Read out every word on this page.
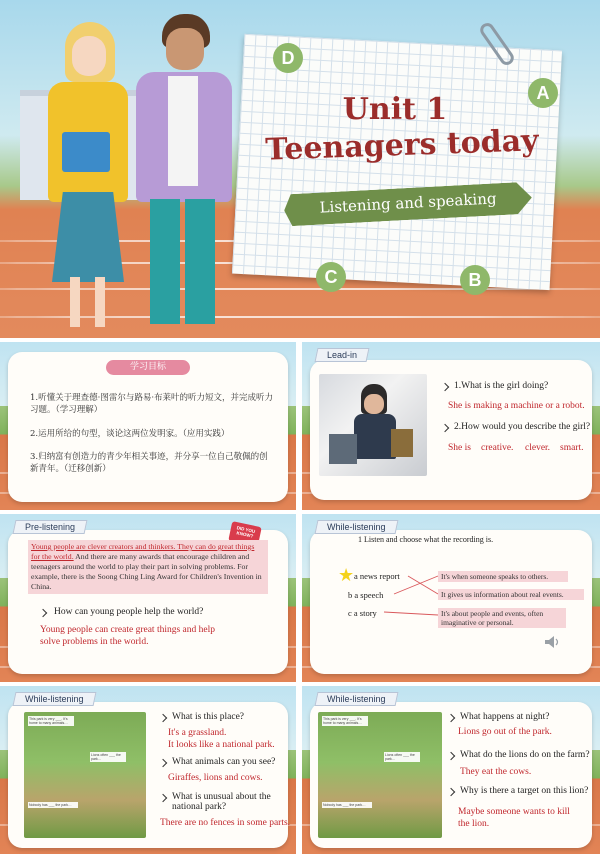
D
A
C	B
Unit 1
Teenagers today
Listening and speaking
学习目标
1.听懂关于理查德·图雷尔与路易·布莱叶的听力短文，并完成听力习题。（学习理解）
2.运用所给的句型，谈论这两位发明家。（应用实践）
3.归纳富有创造力的青少年相关事迹，并分享一位自己敬佩的创新青年。（迁移创新）
Lead-in
1.What is the girl doing?
She is making a machine or a robot.
2.How would you describe the girl?
She is creative. clever. smart.
Pre-listening	DID YOU KNOW?
Young people are clever creators and thinkers. They can do great things for the world. And there are many awards that encourage children and teenagers around the world to play their part in solving problems. For example, there is the Soong Ching Ling Award for Children's Invention in China.
How can young people help the world?
Young people can create great things and help solve problems in the world.
While-listening
1 Listen and choose what the recording is.
★ a news report
b a speech
c a story
It's when someone speaks to others.
It gives us information about real events.
It's about people and events, often imaginative or personal.
While-listening
This park is very ___. It's home to many animals…
Lions often ___ the park…
Nobody has ___ the park…
What is this place?
It's a grassland.
It looks like a national park.
What animals can you see?
Giraffes, lions and cows.
What is unusual about the national park?
There are no fences in some parts.
While-listening
This park is very ___. It's home to many animals…
Lions often ___ the park…
Nobody has ___ the park…
What happens at night?
Lions go out of the park.
What do the lions do on the farm?
They eat the cows.
Why is there a target on this lion?
Maybe someone wants to kill
the lion.
